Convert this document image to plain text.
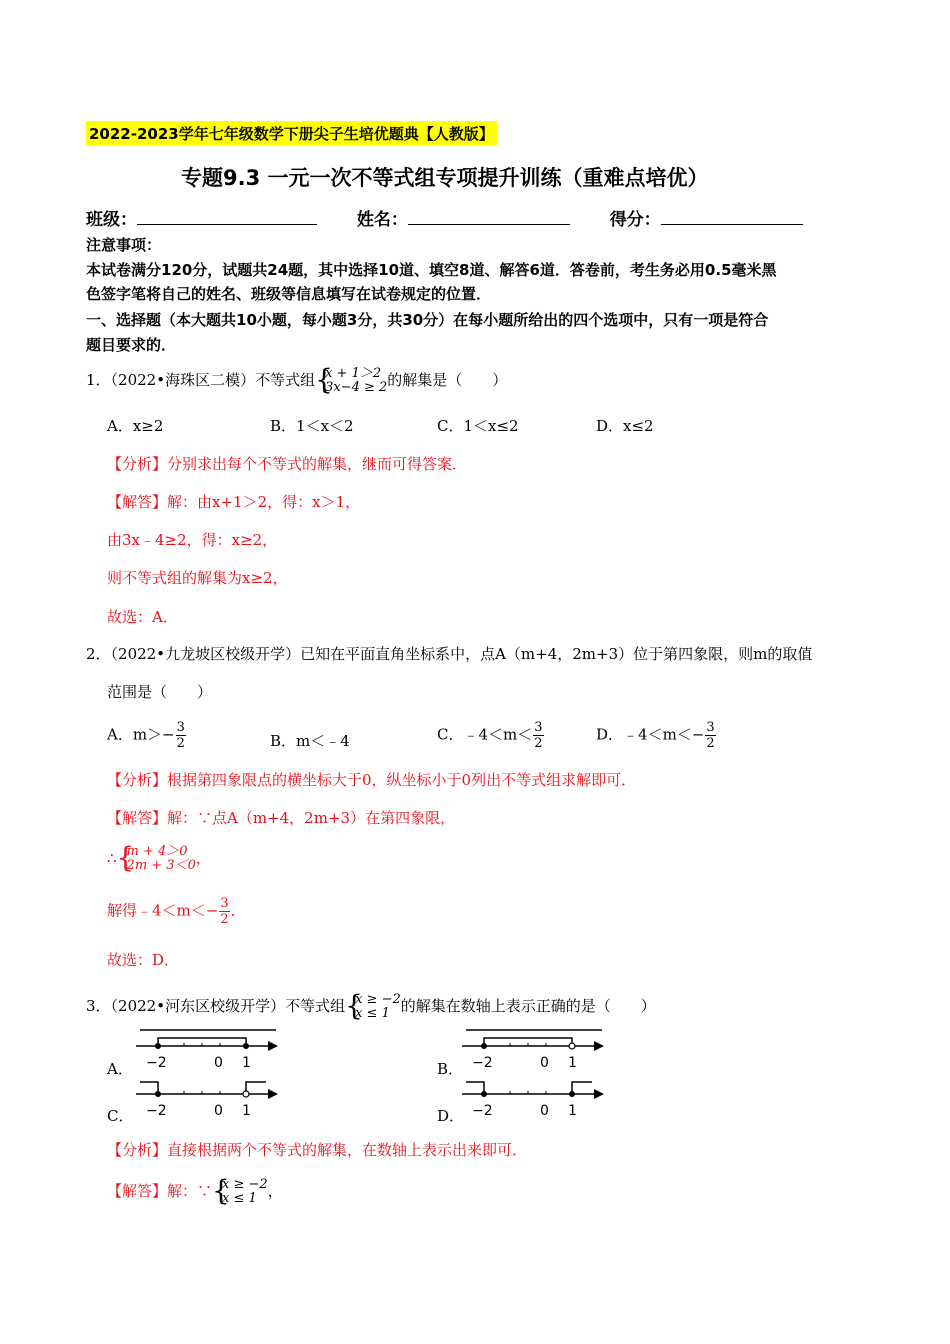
2022-2023学年七年级数学下册尖子生培优题典【人教版】
专题9.3 一元一次不等式组专项提升训练（重难点培优）
班级：	姓名：	得分：
注意事项：
本试卷满分120分，试题共24题，其中选择10道、填空8道、解答6道．答卷前，考生务必用0.5毫米黑
色签字笔将自己的姓名、班级等信息填写在试卷规定的位置．
一、选择题（本大题共10小题，每小题3分，共30分）在每小题所给出的四个选项中，只有一项是符合
题目要求的．
1．（2022•海珠区二模）不等式组 {
x + 1＞2
3x−4 ≥ 2 的解集是（　　）
A．x≥2	B．1＜x＜2	C．1＜x≤2	D．x≤2
【分析】分别求出每个不等式的解集，继而可得答案．
【解答】解：由x+1＞2，得：x＞1，
由3x﹣4≥2，得：x≥2，
则不等式组的解集为x≥2，
故选：A．
2．（2022•九龙坡区校级开学）已知在平面直角坐标系中，点A（m+4，2m+3）位于第四象限，则m的取值
范围是（　　）
A．$m>- \frac{3}{2}$	B．m＜﹣4	C．﹣4＜m＜ $\frac{3}{2}$	D．﹣4＜m＜− $\frac{3}{2}$
【分析】根据第四象限点的横坐标大于0，纵坐标小于0列出不等式组求解即可．
【解答】解：∵点A（m+4，2m+3）在第四象限，
∴ {
m + 4＞0
2m + 3＜0 ，
解得﹣4＜m＜− $\frac{3}{2}$ ．
故选：D．
3．（2022•河东区校级开学）不等式组 {
x ≥ −2
x ≤ 1 的解集在数轴上表示正确的是（　　）
A． −2	0 1	B． −2	0 1
C． −2	0 1	D． −2	0 1
【分析】直接根据两个不等式的解集，在数轴上表示出来即可．
【解答】解：∵ {
x ≥ −2
x ≤ 1 ，
